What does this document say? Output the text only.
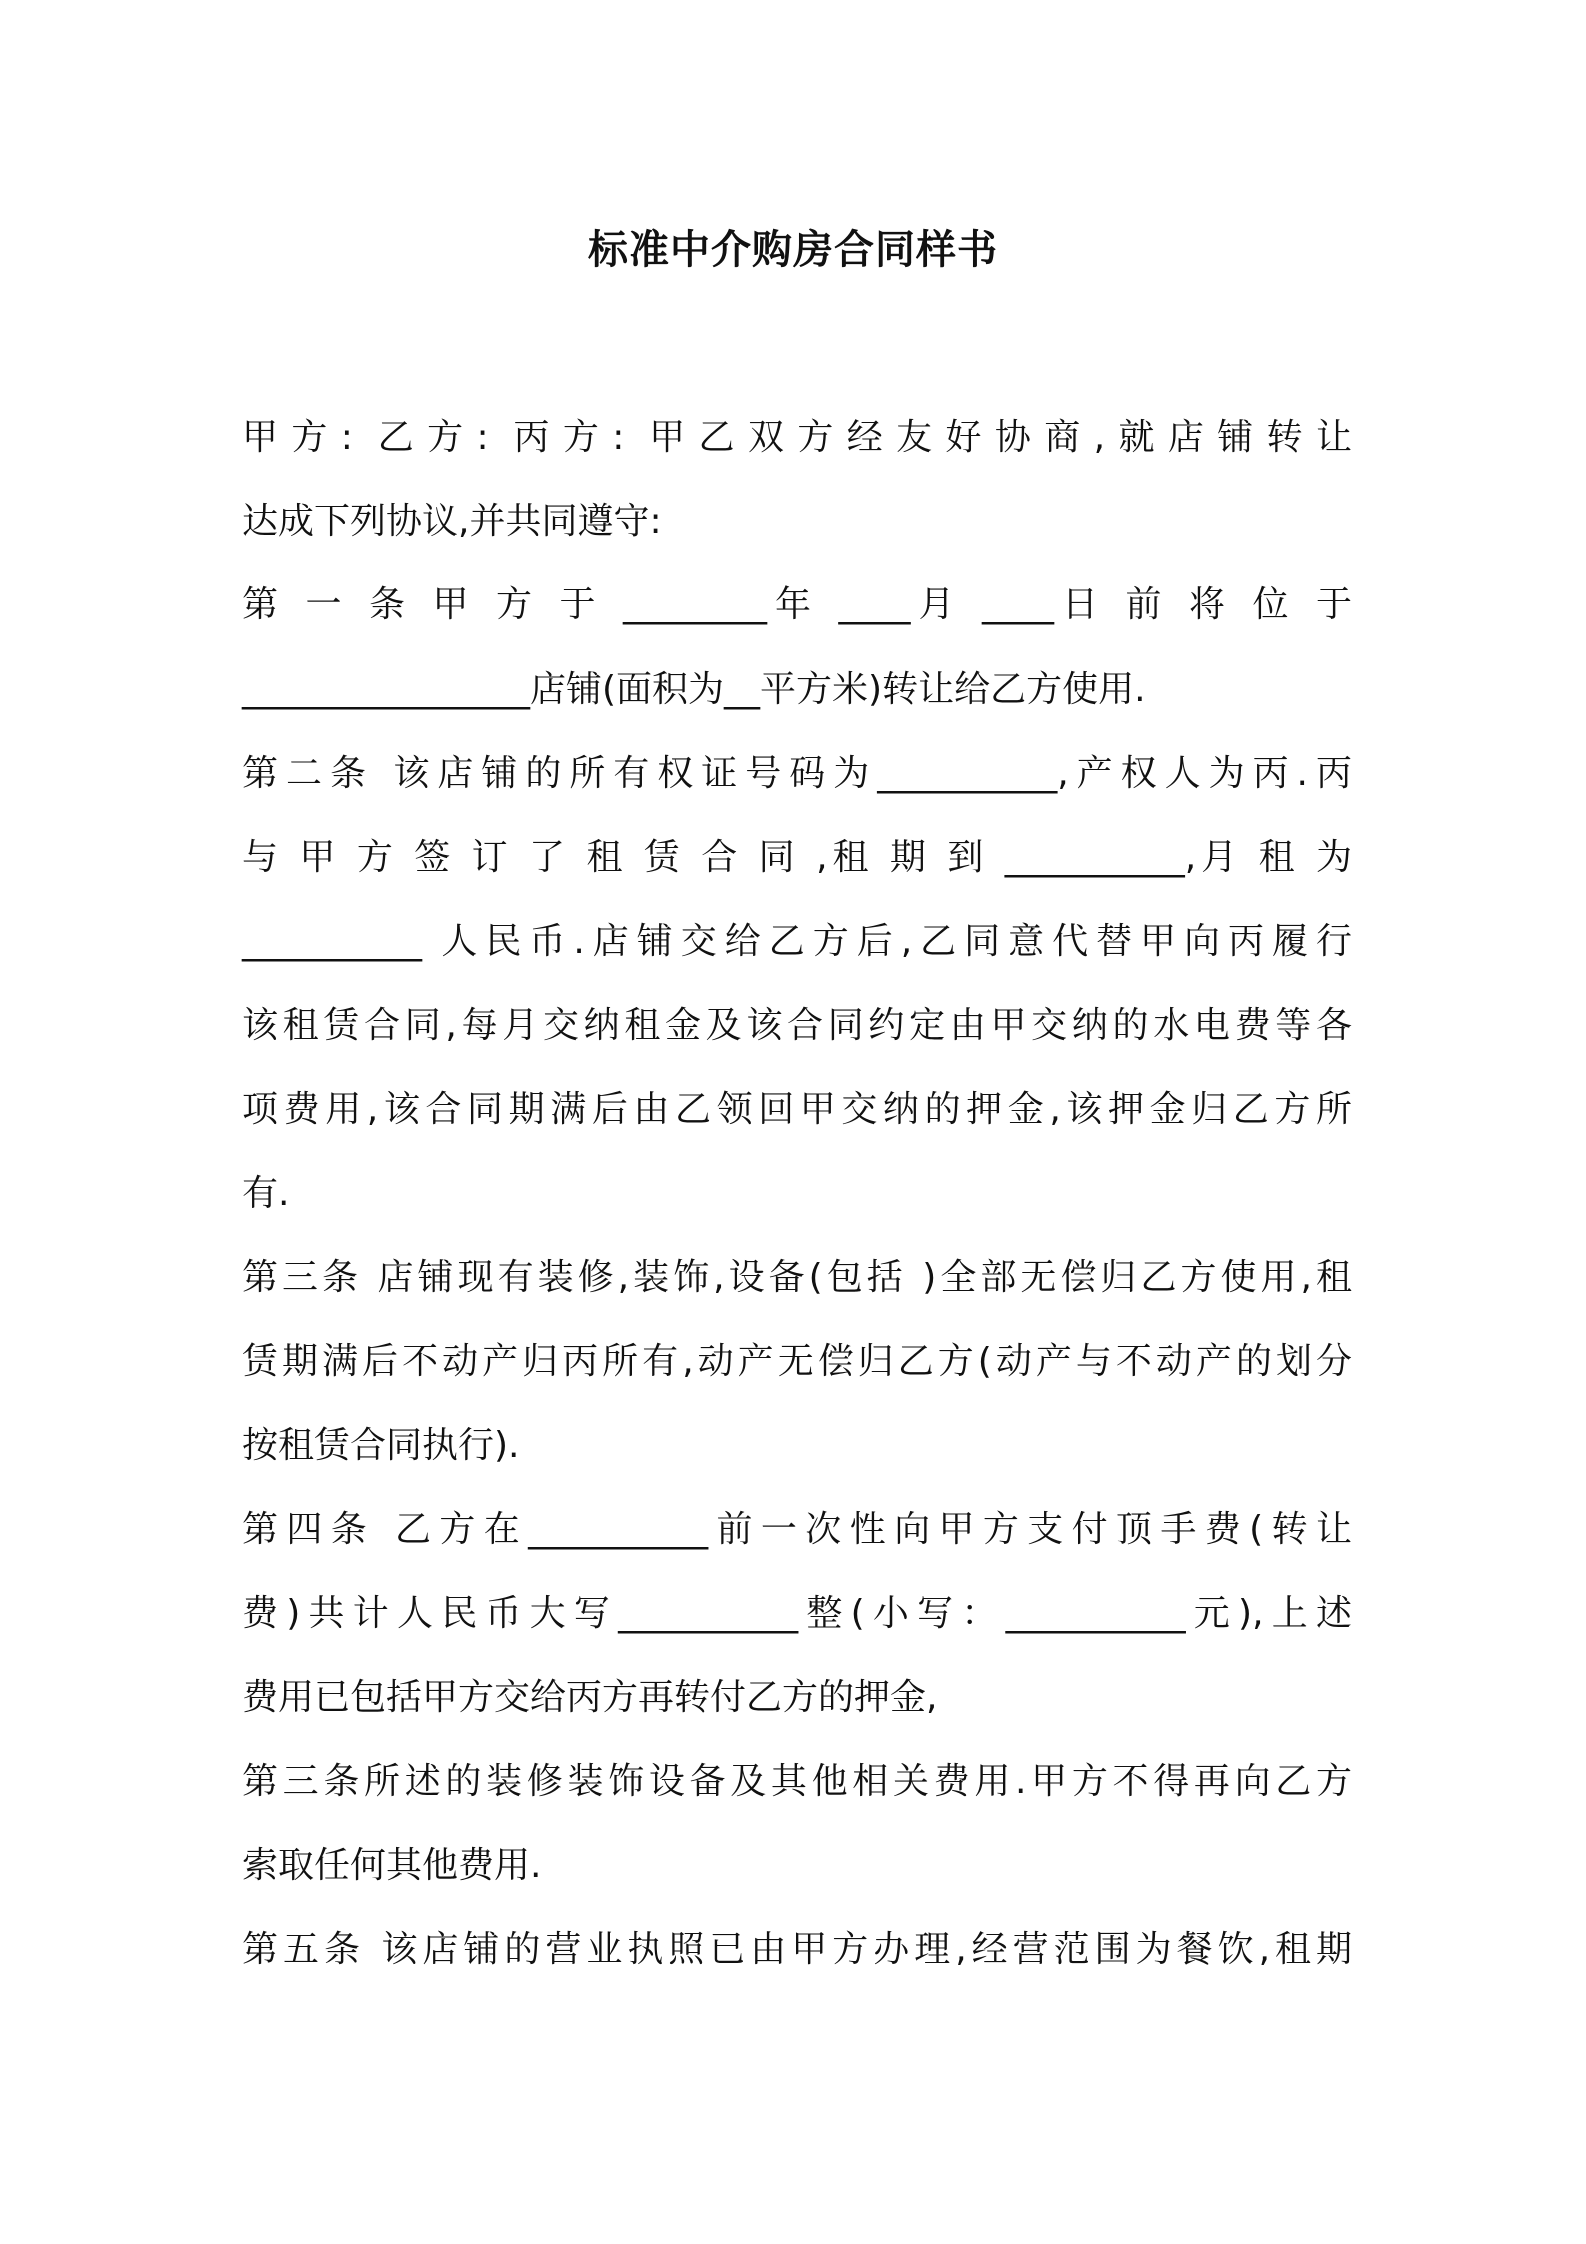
标准中介购房合同样书
甲方: 乙方: 丙方: 甲乙双方经友好协商,就店铺转让
达成下列协议,并共同遵守:
第 一 条 甲 方 于 ________年 ____月 ____日 前 将 位 于
________________店铺(面积为__平方米)转让给乙方使用.
第二条 该店铺的所有权证号码为__________,产权人为丙.丙
与 甲 方 签 订 了 租 赁 合 同 ,租 期 到 __________,月 租 为
__________ 人民币.店铺交给乙方后,乙同意代替甲向丙履行
该租赁合同,每月交纳租金及该合同约定由甲交纳的水电费等各
项费用,该合同期满后由乙领回甲交纳的押金,该押金归乙方所
有.
第三条 店铺现有装修,装饰,设备(包括 )全部无偿归乙方使用,租
赁期满后不动产归丙所有,动产无偿归乙方(动产与不动产的划分
按租赁合同执行).
第四条 乙方在__________前一次性向甲方支付顶手费(转让
费)共计人民币大写__________整(小写：__________元),上述
费用已包括甲方交给丙方再转付乙方的押金,
第三条所述的装修装饰设备及其他相关费用.甲方不得再向乙方
索取任何其他费用.
第五条 该店铺的营业执照已由甲方办理,经营范围为餐饮,租期
